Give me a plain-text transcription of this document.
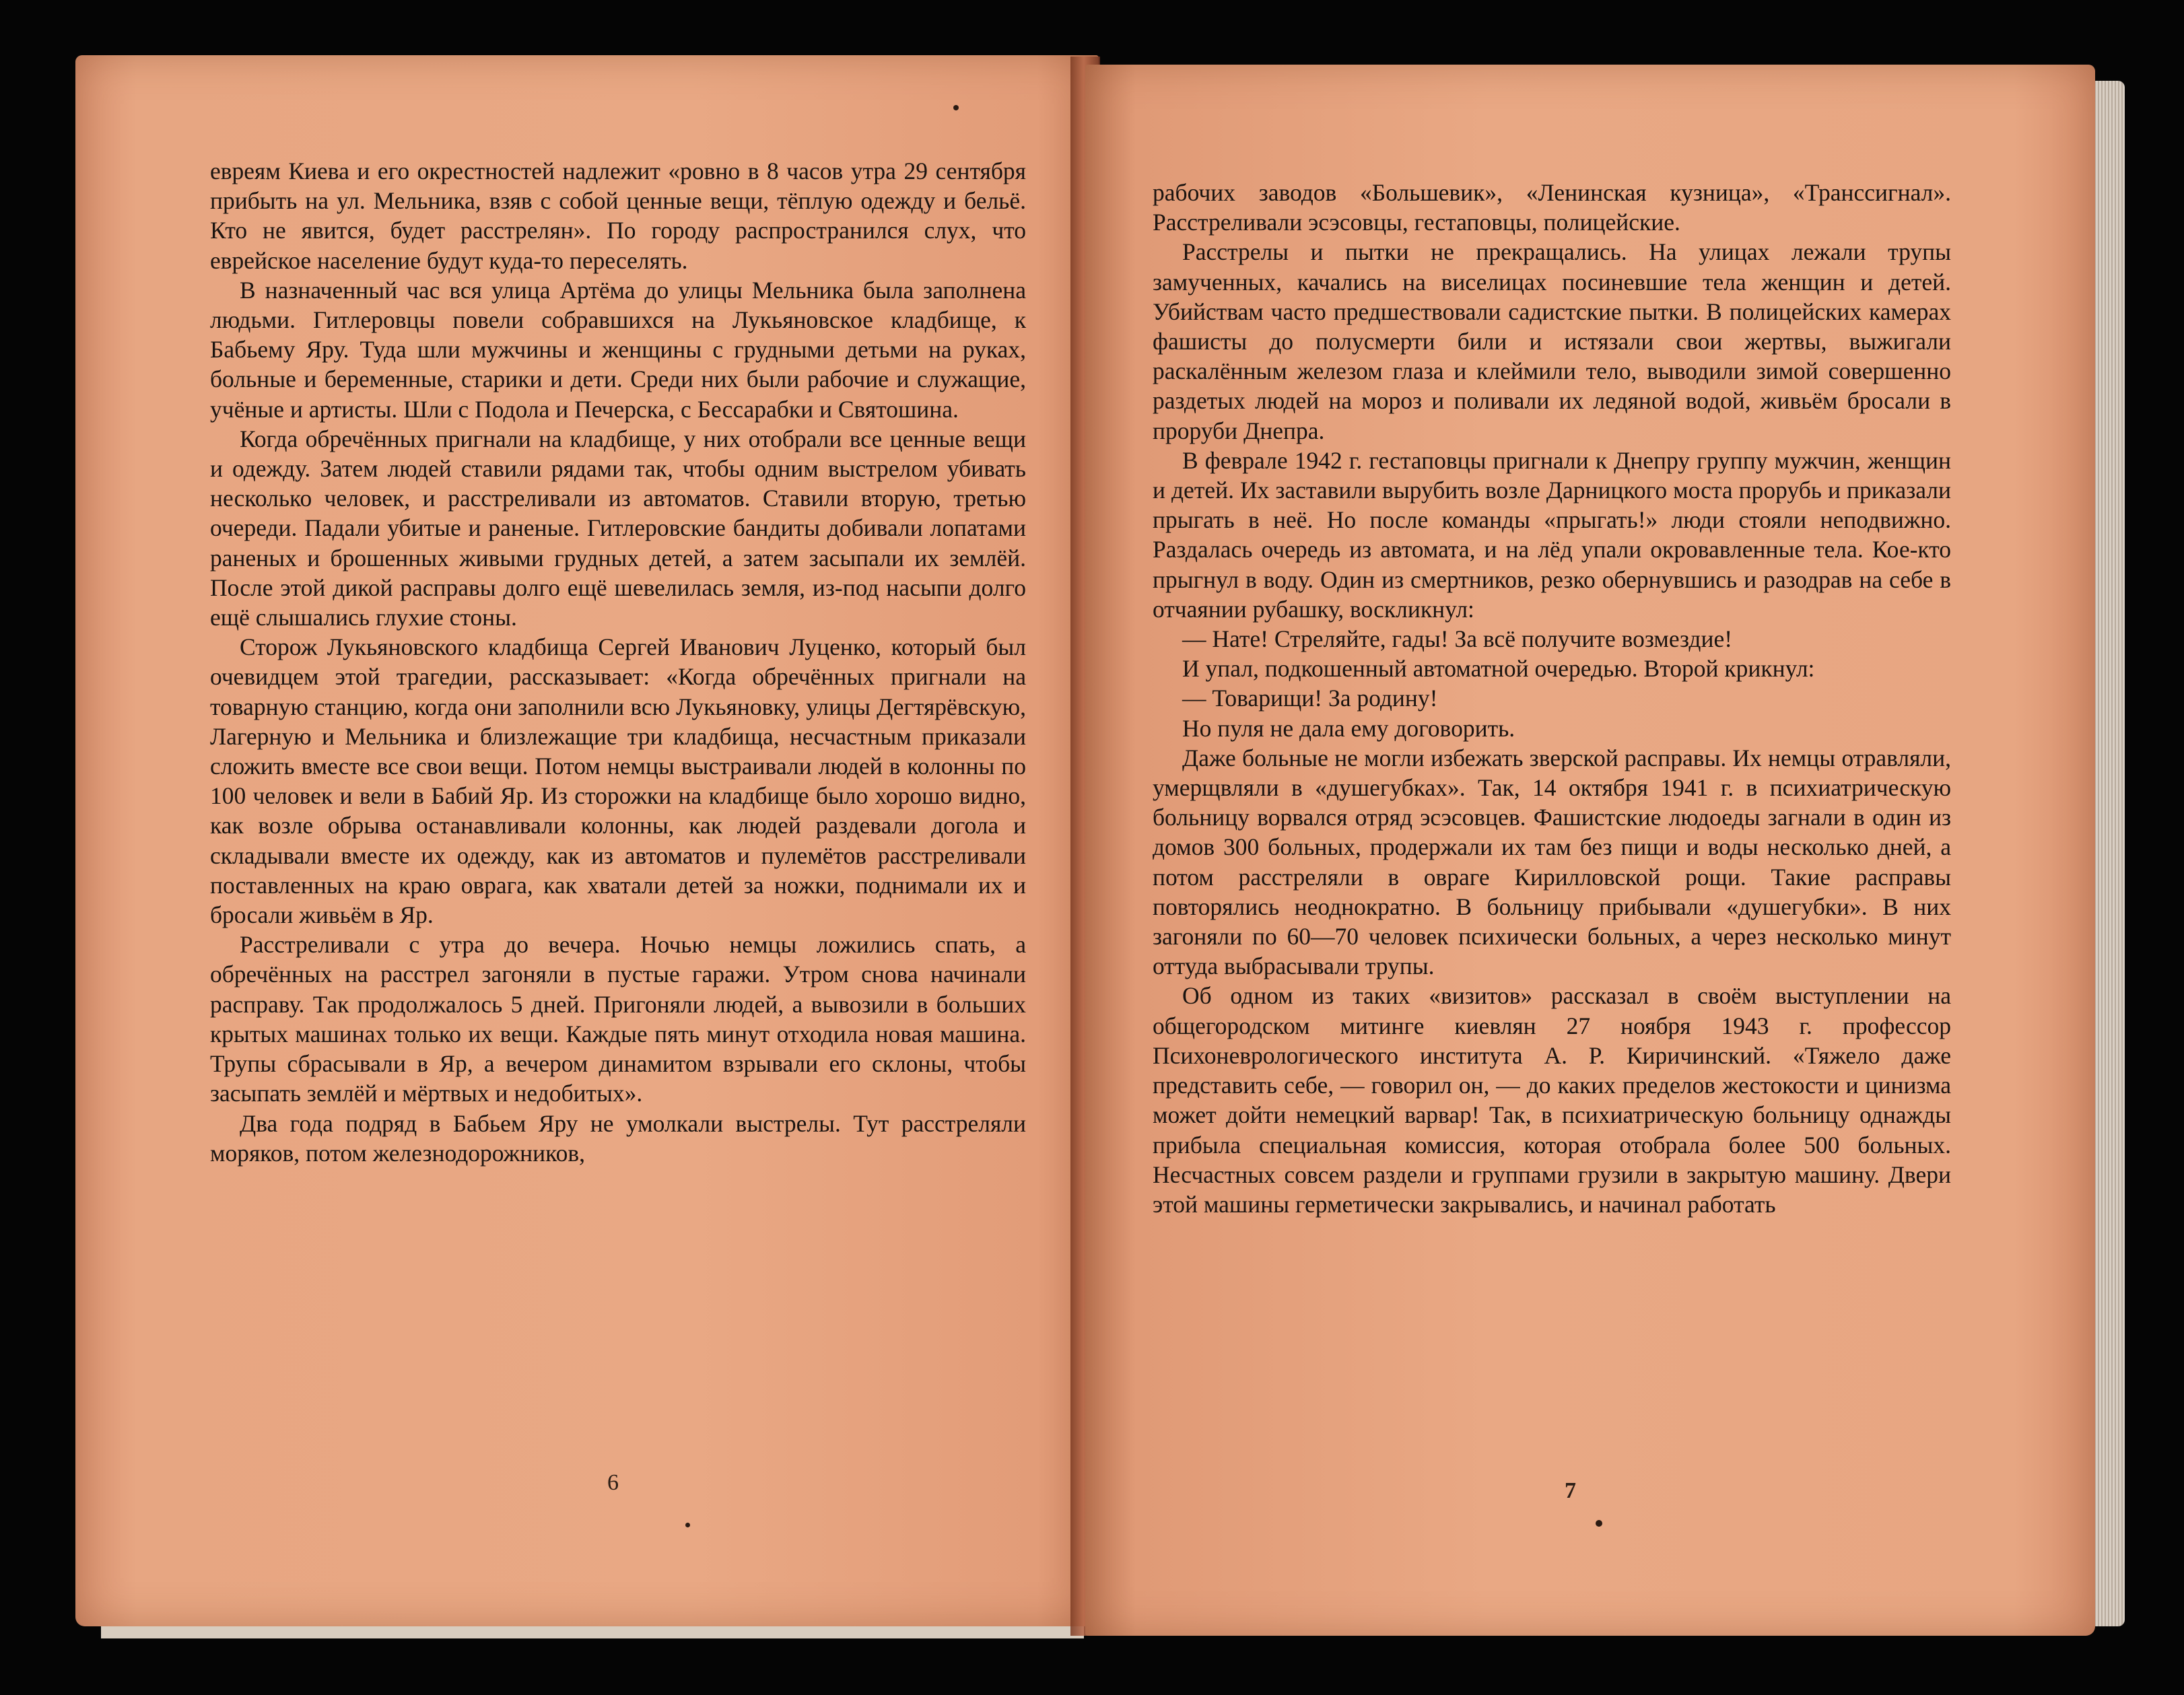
евреям Киева и его окрестностей надлежит «ровно в 8 часов утра 29 сентября прибыть на ул. Мельника, взяв с собой ценные вещи, тёплую одежду и бельё. Кто не явится, будет расстрелян». По городу распространился слух, что еврейское население будут куда-то переселять.

В назначенный час вся улица Артёма до улицы Мельника была заполнена людьми. Гитлеровцы повели собравшихся на Лукьяновское кладбище, к Бабьему Яру. Туда шли мужчины и женщины с грудными детьми на руках, больные и беременные, старики и дети. Среди них были рабочие и служащие, учёные и артисты. Шли с Подола и Печерска, с Бессарабки и Святошина.

Когда обречённых пригнали на кладбище, у них отобрали все ценные вещи и одежду. Затем людей ставили рядами так, чтобы одним выстрелом убивать несколько человек, и расстреливали из автоматов. Ставили вторую, третью очереди. Падали убитые и раненые. Гитлеровские бандиты добивали лопатами раненых и брошенных живыми грудных детей, а затем засыпали их землёй. После этой дикой расправы долго ещё шевелилась земля, из-под насыпи долго ещё слышались глухие стоны.

Сторож Лукьяновского кладбища Сергей Иванович Луценко, который был очевидцем этой трагедии, рассказывает: «Когда обречённых пригнали на товарную станцию, когда они заполнили всю Лукьяновку, улицы Дегтярёвскую, Лагерную и Мельника и близлежащие три кладбища, несчастным приказали сложить вместе все свои вещи. Потом немцы выстраивали людей в колонны по 100 человек и вели в Бабий Яр. Из сторожки на кладбище было хорошо видно, как возле обрыва останавливали колонны, как людей раздевали догола и складывали вместе их одежду, как из автоматов и пулемётов расстреливали поставленных на краю оврага, как хватали детей за ножки, поднимали их и бросали живьём в Яр.

Расстреливали с утра до вечера. Ночью немцы ложились спать, а обречённых на расстрел загоняли в пустые гаражи. Утром снова начинали расправу. Так продолжалось 5 дней. Пригоняли людей, а вывозили в больших крытых машинах только их вещи. Каждые пять минут отходила новая машина. Трупы сбрасывали в Яр, а вечером динамитом взрывали его склоны, чтобы засыпать землёй и мёртвых и недобитых».

Два года подряд в Бабьем Яру не умолкали выстрелы. Тут расстреляли моряков, потом железнодорожников,

6

рабочих заводов «Большевик», «Ленинская кузница», «Транссигнал». Расстреливали эсэсовцы, гестаповцы, полицейские.

Расстрелы и пытки не прекращались. На улицах лежали трупы замученных, качались на виселицах посиневшие тела женщин и детей. Убийствам часто предшествовали садистские пытки. В полицейских камерах фашисты до полусмерти били и истязали свои жертвы, выжигали раскалённым железом глаза и клеймили тело, выводили зимой совершенно раздетых людей на мороз и поливали их ледяной водой, живьём бросали в проруби Днепра.

В феврале 1942 г. гестаповцы пригнали к Днепру группу мужчин, женщин и детей. Их заставили вырубить возле Дарницкого моста прорубь и приказали прыгать в неё. Но после команды «прыгать!» люди стояли неподвижно. Раздалась очередь из автомата, и на лёд упали окровавленные тела. Кое-кто прыгнул в воду. Один из смертников, резко обернувшись и разодрав на себе в отчаянии рубашку, воскликнул:

— Нате! Стреляйте, гады! За всё получите возмездие!

И упал, подкошенный автоматной очередью. Второй крикнул:

— Товарищи! За родину!

Но пуля не дала ему договорить.

Даже больные не могли избежать зверской расправы. Их немцы отравляли, умерщвляли в «душегубках». Так, 14 октября 1941 г. в психиатрическую больницу ворвался отряд эсэсовцев. Фашистские людоеды загнали в один из домов 300 больных, продержали их там без пищи и воды несколько дней, а потом расстреляли в овраге Кирилловской рощи. Такие расправы повторялись неоднократно. В больницу прибывали «душегубки». В них загоняли по 60—70 человек психически больных, а через несколько минут оттуда выбрасывали трупы.

Об одном из таких «визитов» рассказал в своём выступлении на общегородском митинге киевлян 27 ноября 1943 г. профессор Психоневрологического института А. Р. Киричинский. «Тяжело даже представить себе, — говорил он, — до каких пределов жестокости и цинизма может дойти немецкий варвар! Так, в психиатрическую больницу однажды прибыла специальная комиссия, которая отобрала более 500 больных. Несчастных совсем раздели и группами грузили в закрытую машину. Двери этой машины герметически закрывались, и начинал работать

7
